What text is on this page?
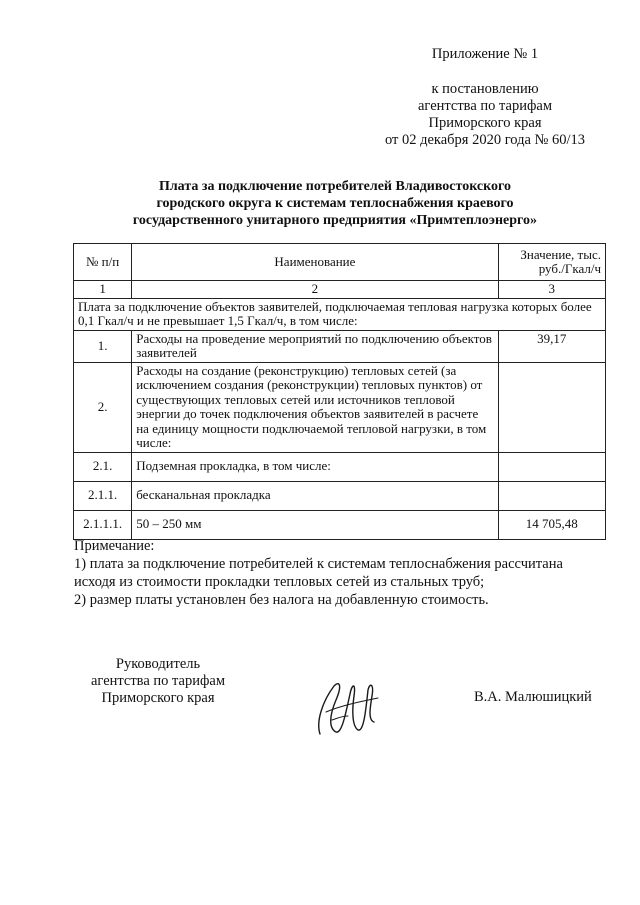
Приложение № 1
к постановлению
агентства по тарифам
Приморского края
от 02 декабря 2020 года № 60/13
Плата за подключение потребителей Владивостокского
городского округа к системам теплоснабжения краевого
государственного унитарного предприятия «Примтеплоэнерго»
№ п/п	Наименование	Значение, тыс. руб./Гкал/ч
1	2	3
Плата за подключение объектов заявителей, подключаемая тепловая нагрузка которых более 0,1 Гкал/ч и не превышает 1,5 Гкал/ч, в том числе:		
1.	Расходы на проведение мероприятий по подключению объектов заявителей	39,17
2.	Расходы на создание (реконструкцию) тепловых сетей (за исключением создания (реконструкции) тепловых пунктов) от существующих тепловых сетей или источников тепловой энергии до точек подключения объектов заявителей в расчете на единицу мощности подключаемой тепловой нагрузки, в том числе:	
2.1.	Подземная прокладка, в том числе:	
2.1.1.	бесканальная прокладка	
2.1.1.1.	50 – 250 мм	14 705,48
Примечание:
1) плата за подключение потребителей к системам теплоснабжения рассчитана исходя из стоимости прокладки тепловых сетей из стальных труб;
2) размер платы установлен без налога на добавленную стоимость.
Руководитель
агентства по тарифам
Приморского края	В.А. Малюшицкий
